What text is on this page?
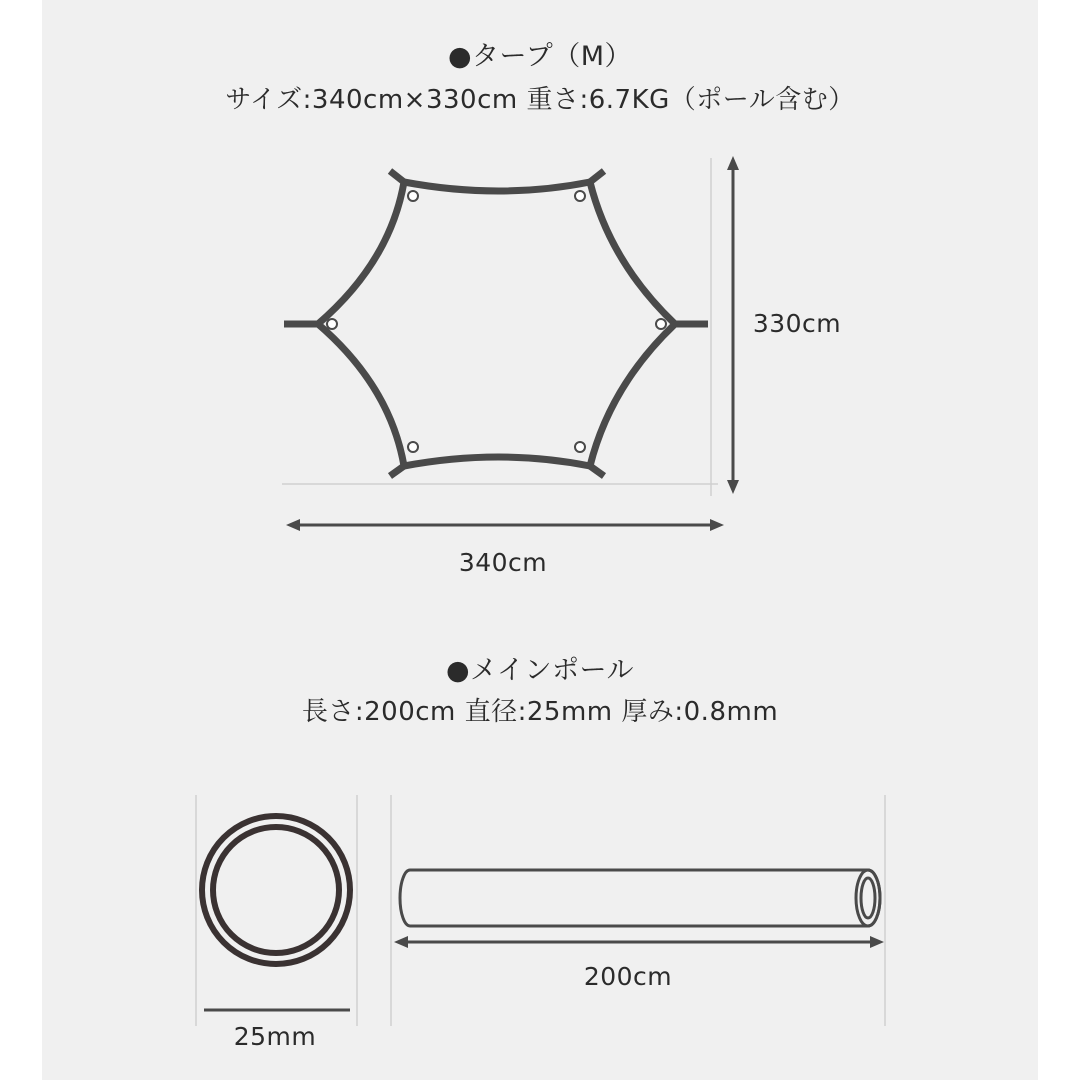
●タープ（M）
サイズ:340cm×330cm 重さ:6.7KG（ポール含む）
330cm
340cm
●メインポール
長さ:200cm 直径:25mm 厚み:0.8mm
25mm
200cm
